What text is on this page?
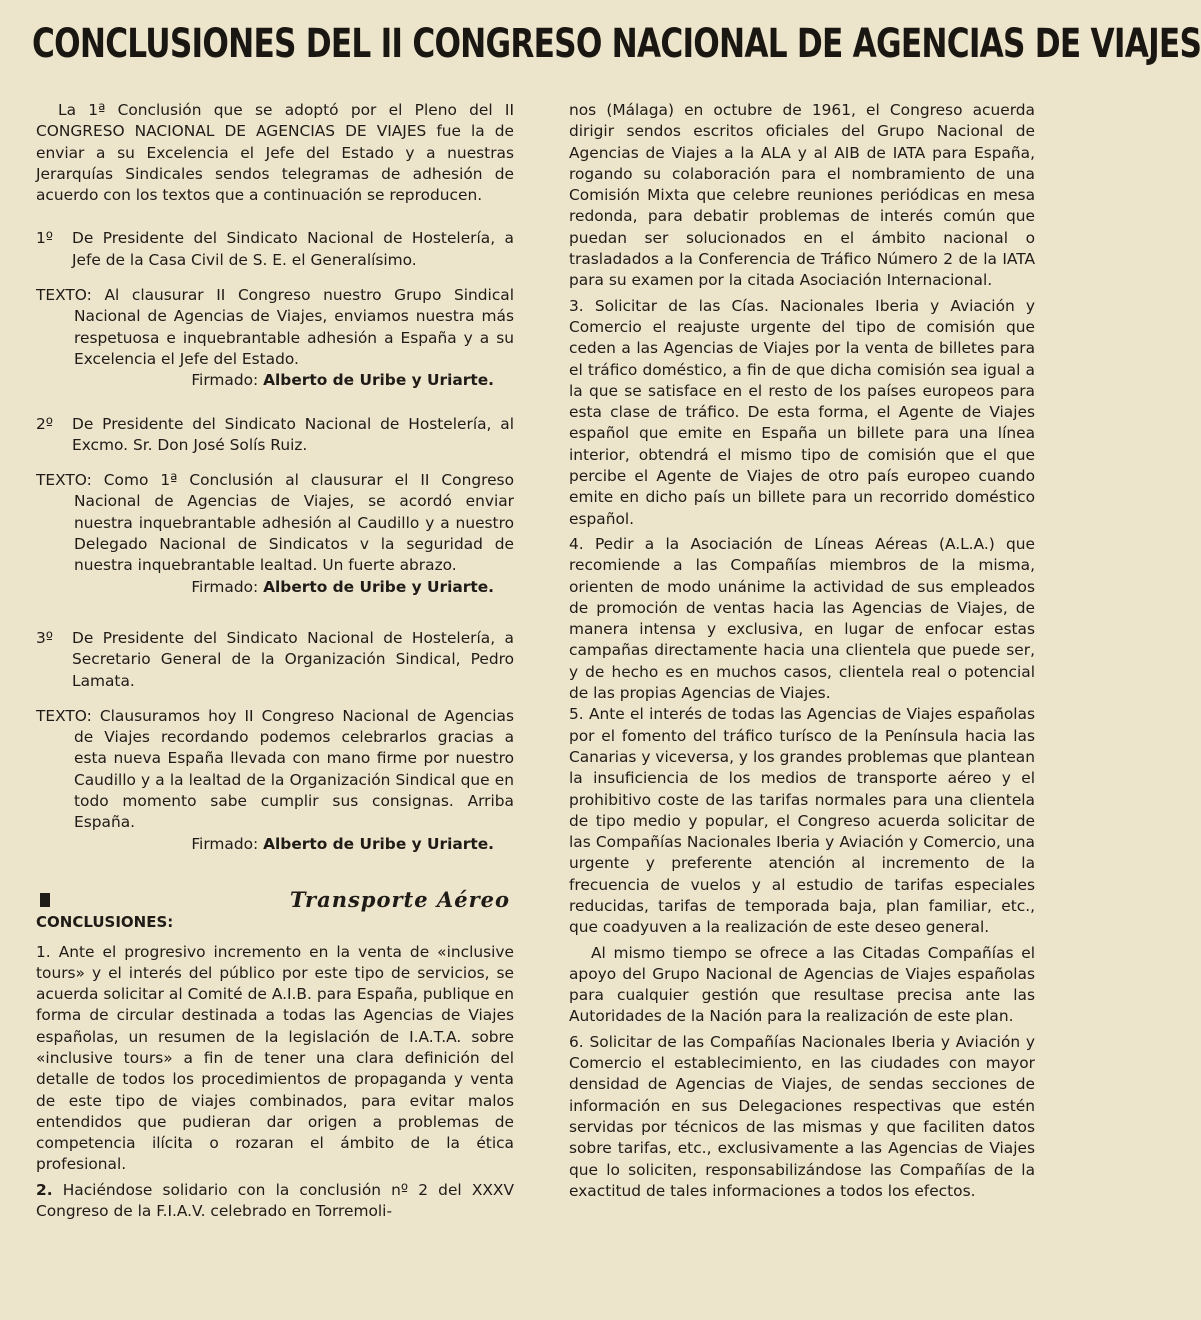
CONCLUSIONES DEL II CONGRESO NACIONAL DE AGENCIAS DE VIAJES

La 1ª Conclusión que se adoptó por el Pleno del II CONGRESO NACIONAL DE AGENCIAS DE VIAJES fue la de enviar a su Excelencia el Jefe del Estado y a nuestras Jerarquías Sindicales sendos telegramas de adhesión de acuerdo con los textos que a continuación se reproducen.

1º	De Presidente del Sindicato Nacional de Hostelería, a Jefe de la Casa Civil de S. E. el Generalísimo.

TEXTO: Al clausurar II Congreso nuestro Grupo Sindical Nacional de Agencias de Viajes, enviamos nuestra más respetuosa e inquebrantable adhesión a España y a su Excelencia el Jefe del Estado.

Firmado: Alberto de Uribe y Uriarte.

2º	De Presidente del Sindicato Nacional de Hostelería, al Excmo. Sr. Don José Solís Ruiz.

TEXTO: Como 1ª Conclusión al clausurar el II Congreso Nacional de Agencias de Viajes, se acordó enviar nuestra inquebrantable adhesión al Caudillo y a nuestro Delegado Nacional de Sindicatos v la seguridad de nuestra inquebrantable lealtad. Un fuerte abrazo.

Firmado: Alberto de Uribe y Uriarte.

3º	De Presidente del Sindicato Nacional de Hostelería, a Secretario General de la Organización Sindical, Pedro Lamata.

TEXTO: Clausuramos hoy II Congreso Nacional de Agencias de Viajes recordando podemos celebrarlos gracias a esta nueva España llevada con mano firme por nuestro Caudillo y a la lealtad de la Organización Sindical que en todo momento sabe cumplir sus consignas. Arriba España.

Firmado: Alberto de Uribe y Uriarte.

Transporte Aéreo
CONCLUSIONES:

1. Ante el progresivo incremento en la venta de «inclusive tours» y el interés del público por este tipo de servicios, se acuerda solicitar al Comité de A.I.B. para España, publique en forma de circular destinada a todas las Agencias de Viajes españolas, un resumen de la legislación de I.A.T.A. sobre «inclusive tours» a fin de tener una clara definición del detalle de todos los procedimientos de propaganda y venta de este tipo de viajes combinados, para evitar malos entendidos que pudieran dar origen a problemas de competencia ilícita o rozaran el ámbito de la ética profesional.

2. Haciéndose solidario con la conclusión nº 2 del XXXV Congreso de la F.I.A.V. celebrado en Torremoli-

nos (Málaga) en octubre de 1961, el Congreso acuerda dirigir sendos escritos oficiales del Grupo Nacional de Agencias de Viajes a la ALA y al AIB de IATA para España, rogando su colaboración para el nombramiento de una Comisión Mixta que celebre reuniones periódicas en mesa redonda, para debatir problemas de interés común que puedan ser solucionados en el ámbito nacional o trasladados a la Conferencia de Tráfico Número 2 de la IATA para su examen por la citada Asociación Internacional.

3. Solicitar de las Cías. Nacionales Iberia y Aviación y Comercio el reajuste urgente del tipo de comisión que ceden a las Agencias de Viajes por la venta de billetes para el tráfico doméstico, a fin de que dicha comisión sea igual a la que se satisface en el resto de los países europeos para esta clase de tráfico. De esta forma, el Agente de Viajes español que emite en España un billete para una línea interior, obtendrá el mismo tipo de comisión que el que percibe el Agente de Viajes de otro país europeo cuando emite en dicho país un billete para un recorrido doméstico español.

4. Pedir a la Asociación de Líneas Aéreas (A.L.A.) que recomiende a las Compañías miembros de la misma, orienten de modo unánime la actividad de sus empleados de promoción de ventas hacia las Agencias de Viajes, de manera intensa y exclusiva, en lugar de enfocar estas campañas directamente hacia una clientela que puede ser, y de hecho es en muchos casos, clientela real o potencial de las propias Agencias de Viajes.

5. Ante el interés de todas las Agencias de Viajes españolas por el fomento del tráfico turísco de la Península hacia las Canarias y viceversa, y los grandes problemas que plantean la insuficiencia de los medios de transporte aéreo y el prohibitivo coste de las tarifas normales para una clientela de tipo medio y popular, el Congreso acuerda solicitar de las Compañías Nacionales Iberia y Aviación y Comercio, una urgente y preferente atención al incremento de la frecuencia de vuelos y al estudio de tarifas especiales reducidas, tarifas de temporada baja, plan familiar, etc., que coadyuven a la realización de este deseo general.

Al mismo tiempo se ofrece a las Citadas Compañías el apoyo del Grupo Nacional de Agencias de Viajes españolas para cualquier gestión que resultase precisa ante las Autoridades de la Nación para la realización de este plan.

6. Solicitar de las Compañías Nacionales Iberia y Aviación y Comercio el establecimiento, en las ciudades con mayor densidad de Agencias de Viajes, de sendas secciones de información en sus Delegaciones respectivas que estén servidas por técnicos de las mismas y que faciliten datos sobre tarifas, etc., exclusivamente a las Agencias de Viajes que lo soliciten, responsabilizándose las Compañías de la exactitud de tales informaciones a todos los efectos.
